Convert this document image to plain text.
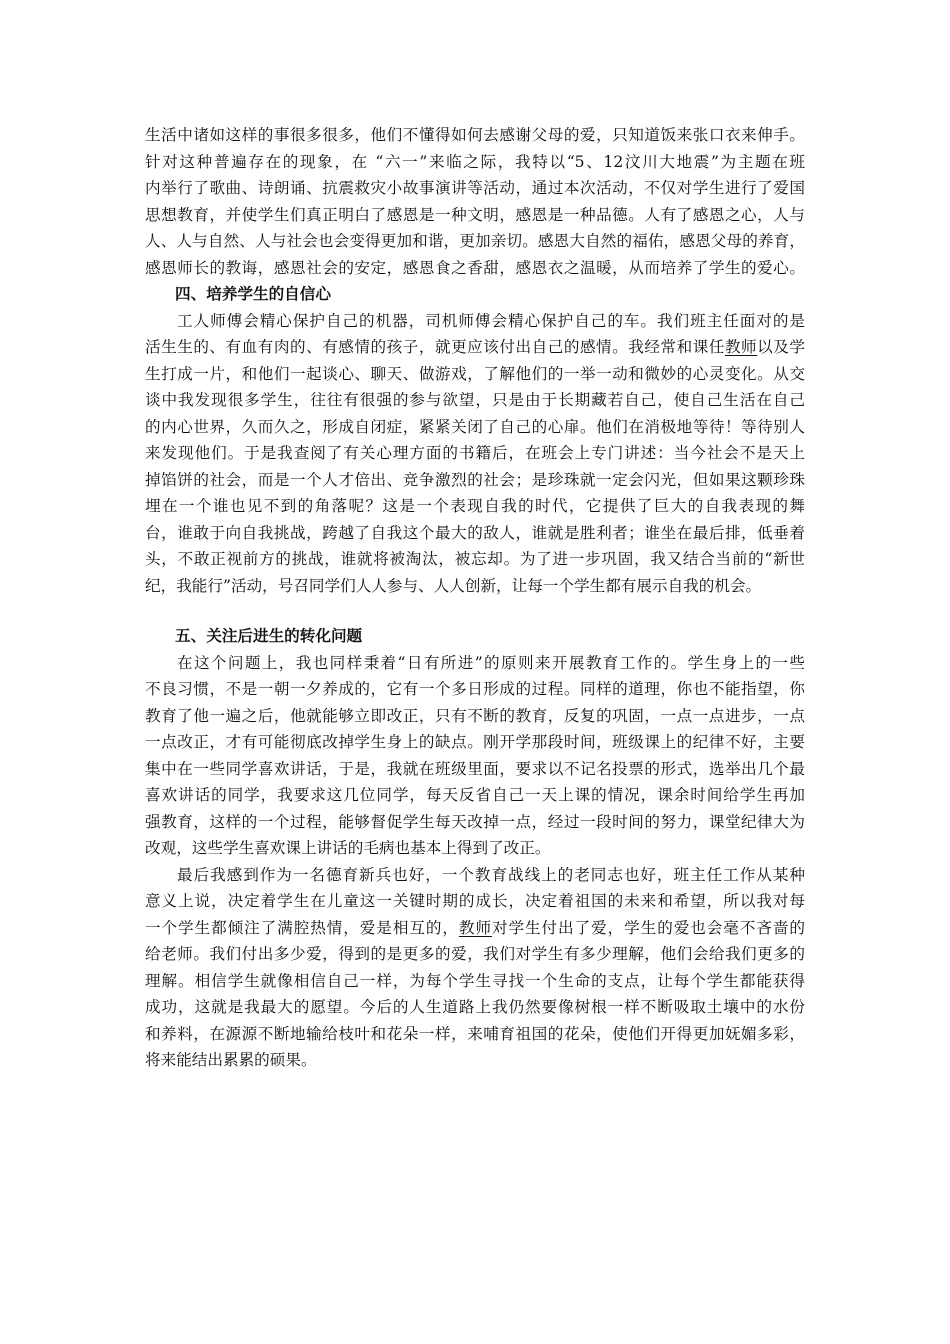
生活中诸如这样的事很多很多，他们不懂得如何去感谢父母的爱，只知道饭来张口衣来伸手。
针对这种普遍存在的现象，在 “六一”来临之际，我特以“5、12汶川大地震”为主题在班
内举行了歌曲、诗朗诵、抗震救灾小故事演讲等活动，通过本次活动，不仅对学生进行了爱国
思想教育，并使学生们真正明白了感恩是一种文明，感恩是一种品德。人有了感恩之心，人与
人、人与自然、人与社会也会变得更加和谐，更加亲切。感恩大自然的福佑，感恩父母的养育，
感恩师长的教诲，感恩社会的安定，感恩食之香甜，感恩衣之温暖，从而培养了学生的爱心。
四、培养学生的自信心
工人师傅会精心保护自己的机器，司机师傅会精心保护自己的车。我们班主任面对的是
活生生的、有血有肉的、有感情的孩子，就更应该付出自己的感情。我经常和课任教师以及学
生打成一片，和他们一起谈心、聊天、做游戏，了解他们的一举一动和微妙的心灵变化。从交
谈中我发现很多学生，往往有很强的参与欲望，只是由于长期藏若自己，使自己生活在自己
的内心世界，久而久之，形成自闭症，紧紧关闭了自己的心扉。他们在消极地等待！等待别人
来发现他们。于是我查阅了有关心理方面的书籍后，在班会上专门讲述：当今社会不是天上
掉馅饼的社会，而是一个人才倍出、竞争激烈的社会；是珍珠就一定会闪光，但如果这颗珍珠
埋在一个谁也见不到的角落呢？这是一个表现自我的时代，它提供了巨大的自我表现的舞
台，谁敢于向自我挑战，跨越了自我这个最大的敌人，谁就是胜利者；谁坐在最后排，低垂着
头，不敢正视前方的挑战，谁就将被淘汰，被忘却。为了进一步巩固，我又结合当前的“新世
纪，我能行”活动，号召同学们人人参与、人人创新，让每一个学生都有展示自我的机会。
五、关注后进生的转化问题
在这个问题上，我也同样秉着“日有所进”的原则来开展教育工作的。学生身上的一些
不良习惯，不是一朝一夕养成的，它有一个多日形成的过程。同样的道理，你也不能指望，你
教育了他一遍之后，他就能够立即改正，只有不断的教育，反复的巩固，一点一点进步，一点
一点改正，才有可能彻底改掉学生身上的缺点。刚开学那段时间，班级课上的纪律不好，主要
集中在一些同学喜欢讲话，于是，我就在班级里面，要求以不记名投票的形式，选举出几个最
喜欢讲话的同学，我要求这几位同学，每天反省自己一天上课的情况，课余时间给学生再加
强教育，这样的一个过程，能够督促学生每天改掉一点，经过一段时间的努力，课堂纪律大为
改观，这些学生喜欢课上讲话的毛病也基本上得到了改正。
最后我感到作为一名德育新兵也好，一个教育战线上的老同志也好，班主任工作从某种
意义上说，决定着学生在儿童这一关键时期的成长，决定着祖国的未来和希望，所以我对每
一个学生都倾注了满腔热情，爱是相互的，教师对学生付出了爱，学生的爱也会毫不吝啬的
给老师。我们付出多少爱，得到的是更多的爱，我们对学生有多少理解，他们会给我们更多的
理解。相信学生就像相信自己一样，为每个学生寻找一个生命的支点，让每个学生都能获得
成功，这就是我最大的愿望。今后的人生道路上我仍然要像树根一样不断吸取土壤中的水份
和养料，在源源不断地输给枝叶和花朵一样，来哺育祖国的花朵，使他们开得更加妩媚多彩，
将来能结出累累的硕果。
